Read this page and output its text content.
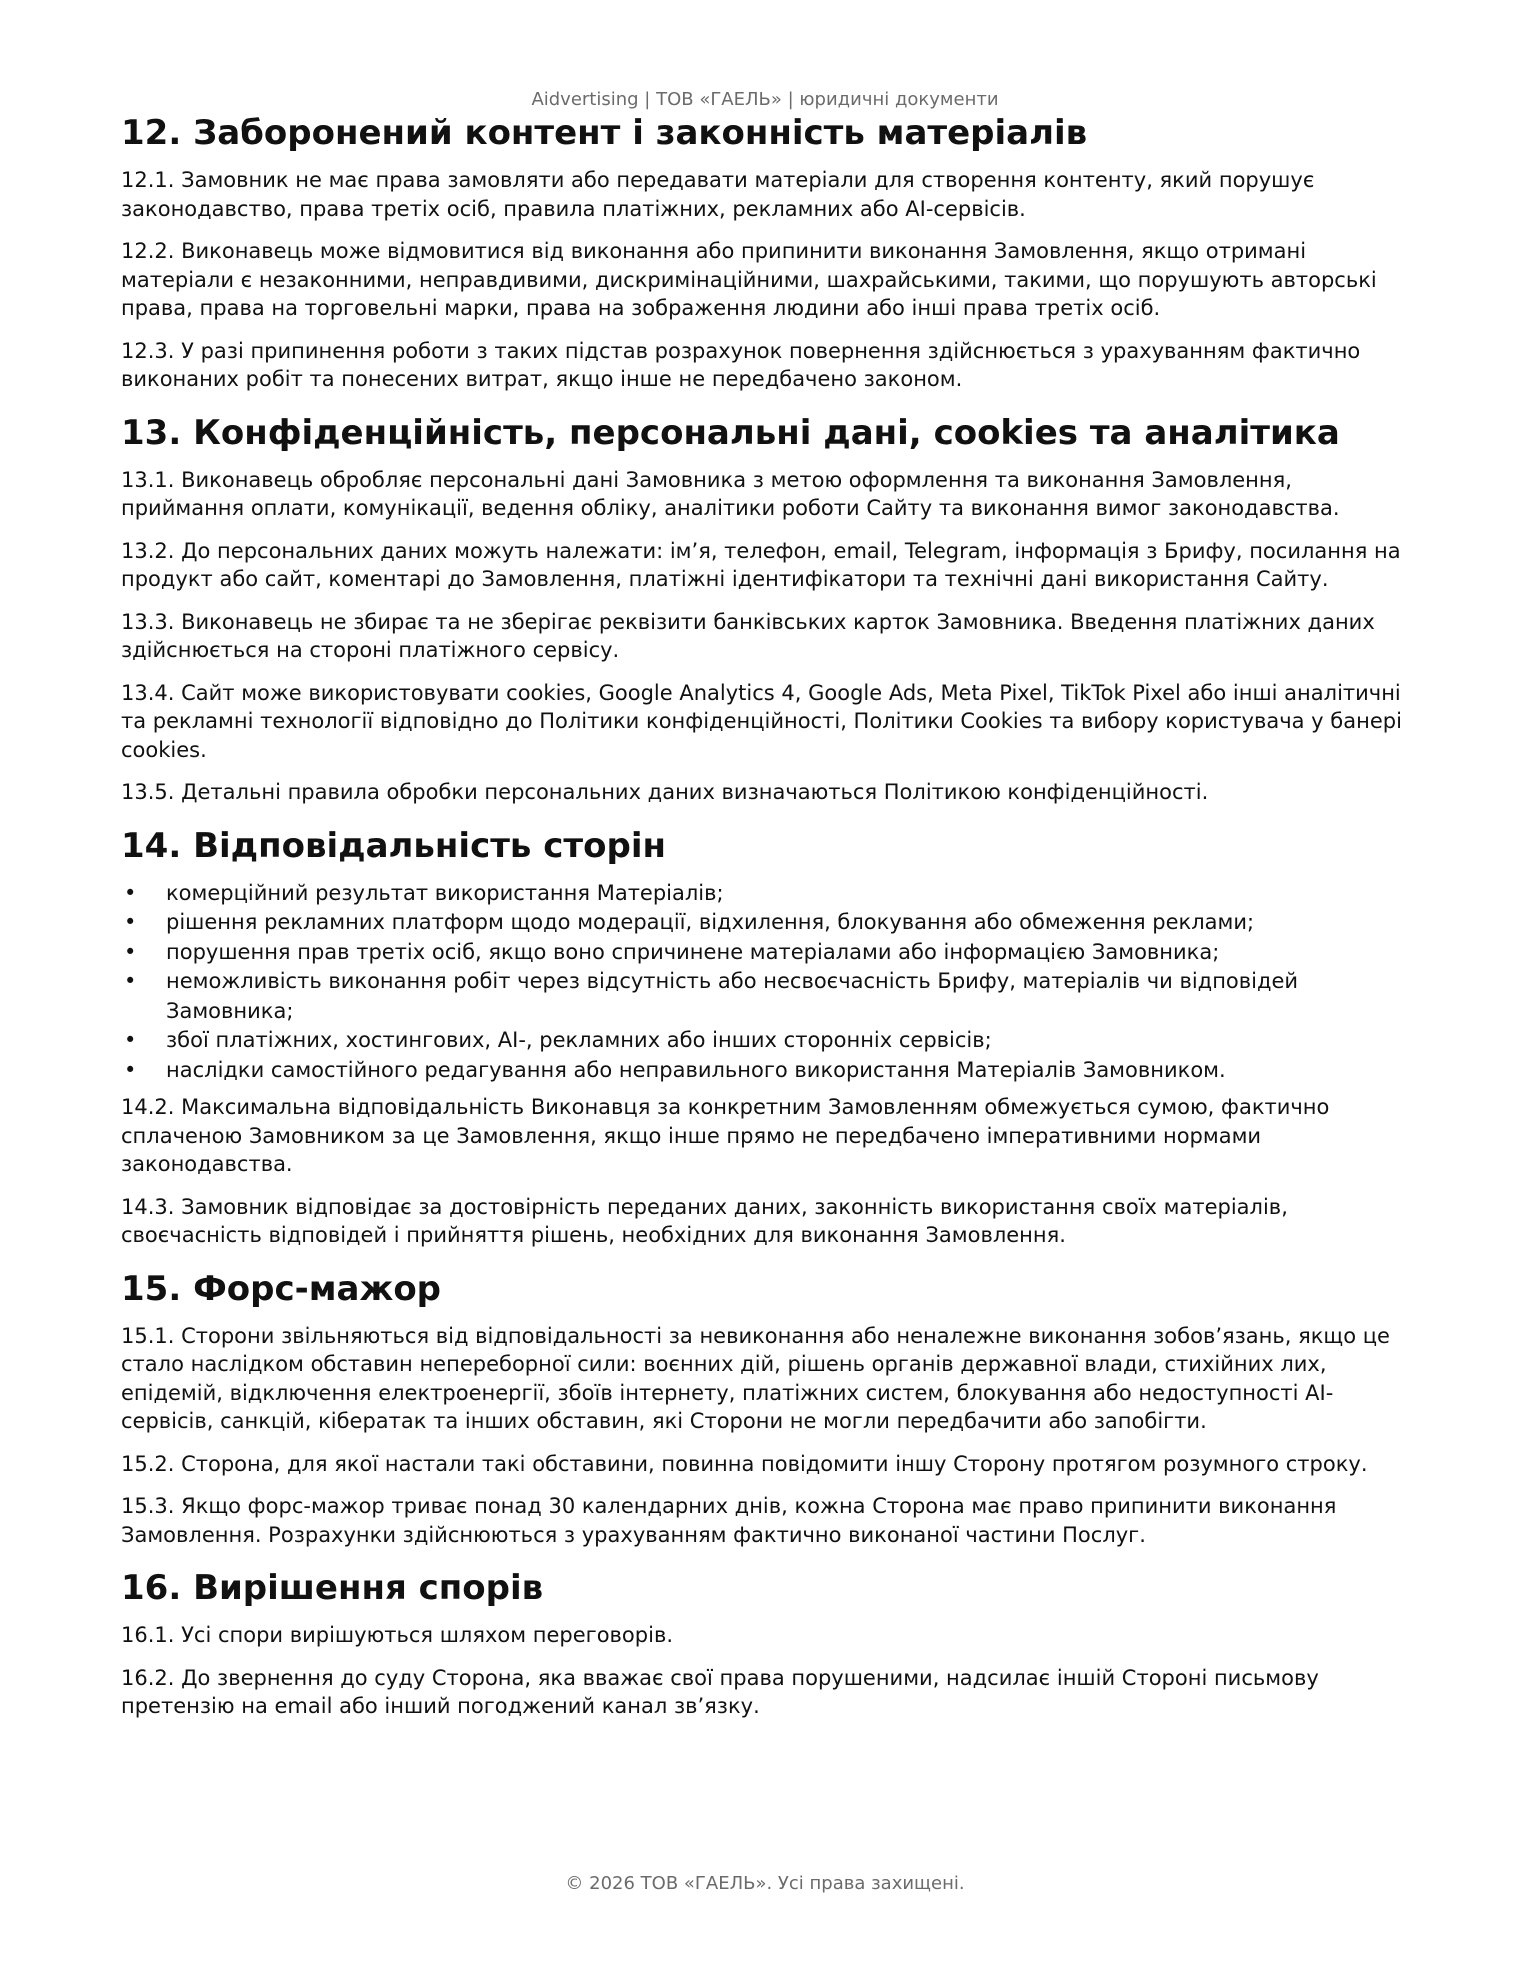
Aidvertising | ТОВ «ГАЕЛЬ» | юридичні документи
12. Заборонений контент і законність матеріалів

12.1. Замовник не має права замовляти або передавати матеріали для створення контенту, який порушує законодавство, права третіх осіб, правила платіжних, рекламних або AI-сервісів.

12.2. Виконавець може відмовитися від виконання або припинити виконання Замовлення, якщо отримані матеріали є незаконними, неправдивими, дискримінаційними, шахрайськими, такими, що порушують авторські права, права на торговельні марки, права на зображення людини або інші права третіх осіб.

12.3. У разі припинення роботи з таких підстав розрахунок повернення здійснюється з урахуванням фактично виконаних робіт та понесених витрат, якщо інше не передбачено законом.

13. Конфіденційність, персональні дані, cookies та аналітика

13.1. Виконавець обробляє персональні дані Замовника з метою оформлення та виконання Замовлення, приймання оплати, комунікації, ведення обліку, аналітики роботи Сайту та виконання вимог законодавства.

13.2. До персональних даних можуть належати: ім’я, телефон, email, Telegram, інформація з Брифу, посилання на продукт або сайт, коментарі до Замовлення, платіжні ідентифікатори та технічні дані використання Сайту.

13.3. Виконавець не збирає та не зберігає реквізити банківських карток Замовника. Введення платіжних даних здійснюється на стороні платіжного сервісу.

13.4. Сайт може використовувати cookies, Google Analytics 4, Google Ads, Meta Pixel, TikTok Pixel або інші аналітичні та рекламні технології відповідно до Політики конфіденційності, Політики Cookies та вибору користувача у банері cookies.

13.5. Детальні правила обробки персональних даних визначаються Політикою конфіденційності.

14. Відповідальність сторін
• комерційний результат використання Матеріалів;
• рішення рекламних платформ щодо модерації, відхилення, блокування або обмеження реклами;
• порушення прав третіх осіб, якщо воно спричинене матеріалами або інформацією Замовника;
• неможливість виконання робіт через відсутність або несвоєчасність Брифу, матеріалів чи відповідей Замовника;
• збої платіжних, хостингових, AI-, рекламних або інших сторонніх сервісів;
• наслідки самостійного редагування або неправильного використання Матеріалів Замовником.

14.2. Максимальна відповідальність Виконавця за конкретним Замовленням обмежується сумою, фактично сплаченою Замовником за це Замовлення, якщо інше прямо не передбачено імперативними нормами законодавства.

14.3. Замовник відповідає за достовірність переданих даних, законність використання своїх матеріалів, своєчасність відповідей і прийняття рішень, необхідних для виконання Замовлення.

15. Форс-мажор

15.1. Сторони звільняються від відповідальності за невиконання або неналежне виконання зобов’язань, якщо це стало наслідком обставин непереборної сили: воєнних дій, рішень органів державної влади, стихійних лих, епідемій, відключення електроенергії, збоїв інтернету, платіжних систем, блокування або недоступності AI-сервісів, санкцій, кібератак та інших обставин, які Сторони не могли передбачити або запобігти.

15.2. Сторона, для якої настали такі обставини, повинна повідомити іншу Сторону протягом розумного строку.

15.3. Якщо форс-мажор триває понад 30 календарних днів, кожна Сторона має право припинити виконання Замовлення. Розрахунки здійснюються з урахуванням фактично виконаної частини Послуг.

16. Вирішення спорів

16.1. Усі спори вирішуються шляхом переговорів.

16.2. До звернення до суду Сторона, яка вважає свої права порушеними, надсилає іншій Стороні письмову претензію на email або інший погоджений канал зв’язку.

© 2026 ТОВ «ГАЕЛЬ». Усі права захищені.
